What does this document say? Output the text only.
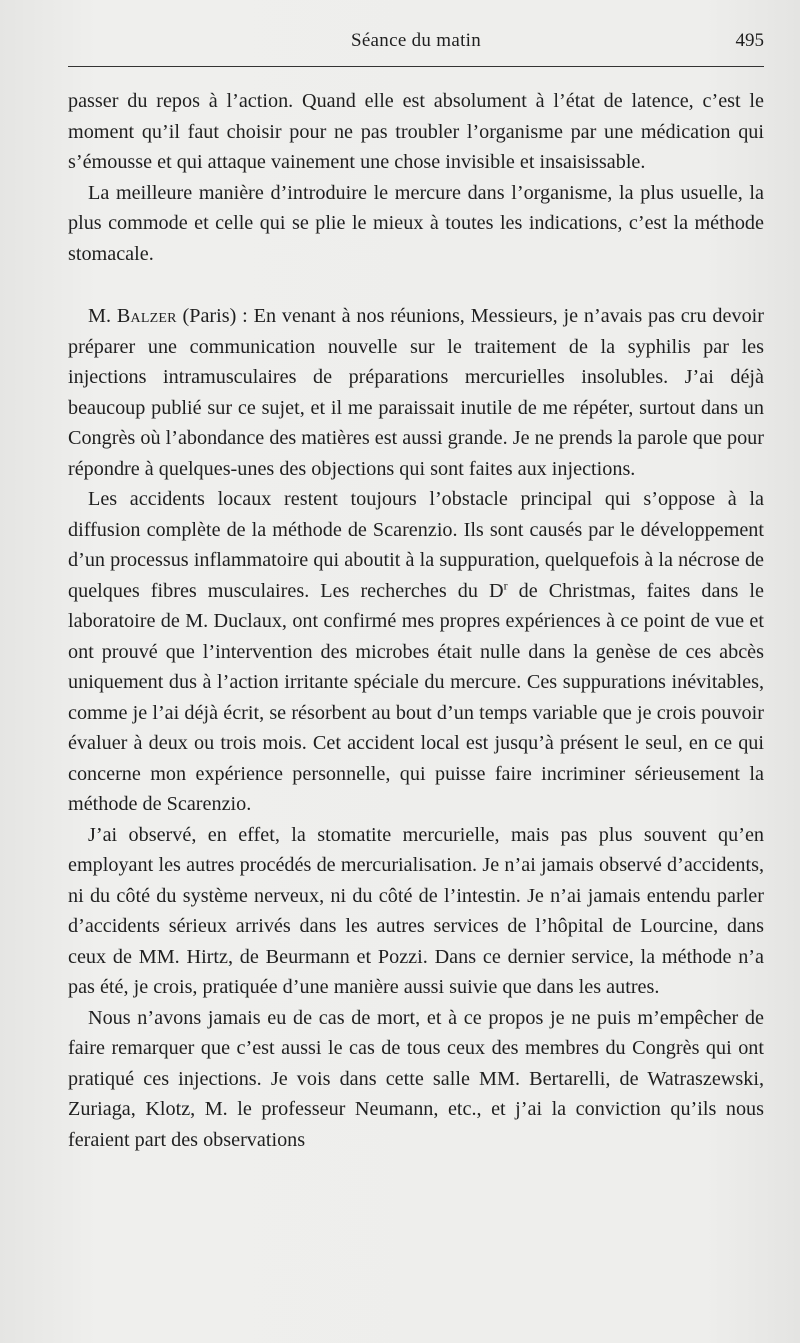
Séance du matin	495

passer du repos à l’action. Quand elle est absolument à l’état de latence, c’est le moment qu’il faut choisir pour ne pas troubler l’organisme par une médication qui s’émousse et qui attaque vainement une chose invisible et insaisissable.

La meilleure manière d’introduire le mercure dans l’organisme, la plus usuelle, la plus commode et celle qui se plie le mieux à toutes les indications, c’est la méthode stomacale.

M. Balzer (Paris) : En venant à nos réunions, Messieurs, je n’avais pas cru devoir préparer une communication nouvelle sur le traitement de la syphilis par les injections intramusculaires de préparations mercurielles insolubles. J’ai déjà beaucoup publié sur ce sujet, et il me paraissait inutile de me répéter, surtout dans un Congrès où l’abondance des matières est aussi grande. Je ne prends la parole que pour répondre à quelques-unes des objections qui sont faites aux injections.

Les accidents locaux restent toujours l’obstacle principal qui s’oppose à la diffusion complète de la méthode de Scarenzio. Ils sont causés par le développement d’un processus inflammatoire qui aboutit à la suppuration, quelquefois à la nécrose de quelques fibres musculaires. Les recherches du $D^r$ de Christmas, faites dans le laboratoire de M. Duclaux, ont confirmé mes propres expériences à ce point de vue et ont prouvé que l’intervention des microbes était nulle dans la genèse de ces abcès uniquement dus à l’action irritante spéciale du mercure. Ces suppurations inévitables, comme je l’ai déjà écrit, se résorbent au bout d’un temps variable que je crois pouvoir évaluer à deux ou trois mois. Cet accident local est jusqu’à présent le seul, en ce qui concerne mon expérience personnelle, qui puisse faire incriminer sérieusement la méthode de Scarenzio.

J’ai observé, en effet, la stomatite mercurielle, mais pas plus souvent qu’en employant les autres procédés de mercurialisation. Je n’ai jamais observé d’accidents, ni du côté du système nerveux, ni du côté de l’intestin. Je n’ai jamais entendu parler d’accidents sérieux arrivés dans les autres services de l’hôpital de Lourcine, dans ceux de MM. Hirtz, de Beurmann et Pozzi. Dans ce dernier service, la méthode n’a pas été, je crois, pratiquée d’une manière aussi suivie que dans les autres.

Nous n’avons jamais eu de cas de mort, et à ce propos je ne puis m’empêcher de faire remarquer que c’est aussi le cas de tous ceux des membres du Congrès qui ont pratiqué ces injections. Je vois dans cette salle MM. Bertarelli, de Watraszewski, Zuriaga, Klotz, M. le professeur Neumann, etc., et j’ai la conviction qu’ils nous feraient part des observations
